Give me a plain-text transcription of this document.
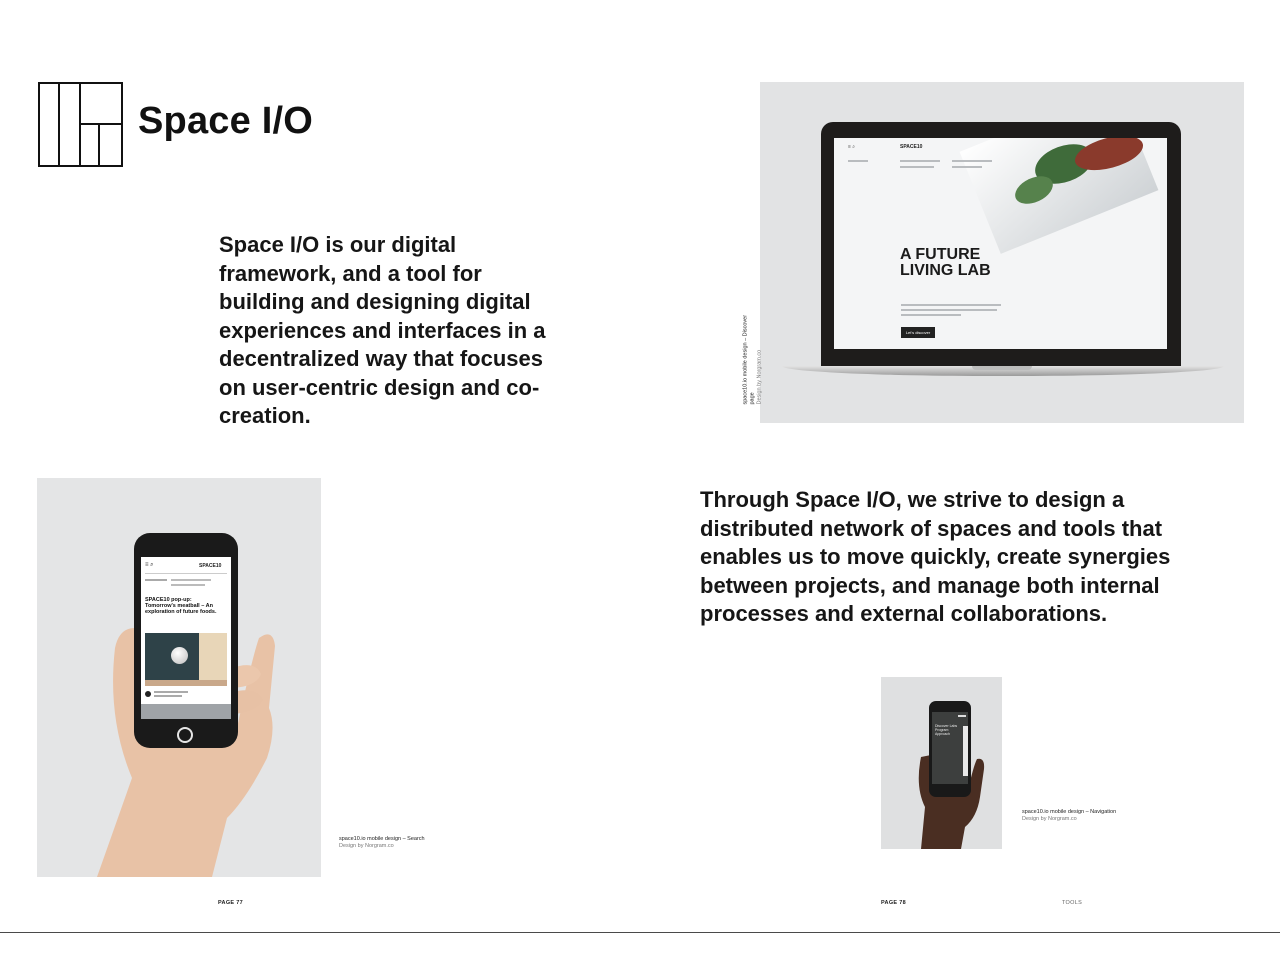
Space I/O

Space I/O is our digital framework, and a tool for building and designing digital experiences and interfaces in a decentralized way that focuses on user-centric design and co-creation.

≡ ⌕	SPACE10
A FUTURE LIVING LAB
Let's discover
space10.io mobile design – Discover page Design by Norgram.co
≡ ⌕	SPACE10
SPACE10 pop-up: Tomorrow's meatball – An exploration of future foods.
space10.io mobile design – Search
Design by Norgram.co

Through Space I/O, we strive to design a distributed network of spaces and tools that enables us to move quickly, create synergies between projects, and manage both internal processes and external collaborations.

Discover Labs Program Approach
space10.io mobile design – Navigation
Design by Norgram.co
PAGE 77	PAGE 78	TOOLS
